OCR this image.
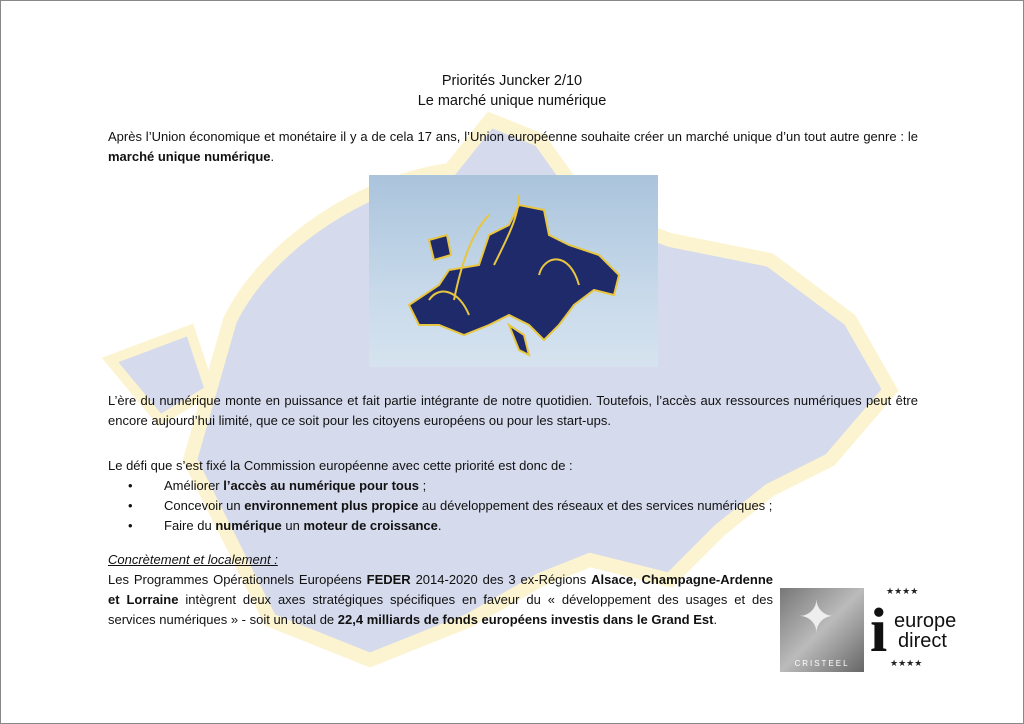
Priorités Juncker 2/10
Le marché unique numérique
Après l’Union économique et monétaire il y a de cela 17 ans, l’Union européenne souhaite créer un marché unique d’un tout autre genre : le marché unique numérique.
L’ère du numérique monte en puissance et fait partie intégrante de notre quotidien. Toutefois, l’accès aux ressources numériques peut être encore aujourd’hui limité, que ce soit pour les citoyens européens ou pour les start-ups.
Le défi que s’est fixé la Commission européenne avec cette priorité est donc de :
• Améliorer l’accès au numérique pour tous ;
• Concevoir un environnement plus propice au développement des réseaux et des services numériques ;
• Faire du numérique un moteur de croissance.
Concrètement et localement :
Les Programmes Opérationnels Européens FEDER 2014-2020 des 3 ex-Régions Alsace, Champagne-Ardenne et Lorraine intègrent deux axes stratégiques spécifiques en faveur du « développement des usages et des services numériques » - soit un total de 22,4 milliards de fonds européens investis dans le Grand Est.	✦
CRISTEEL i
★★★★
europe
direct
★★★★
